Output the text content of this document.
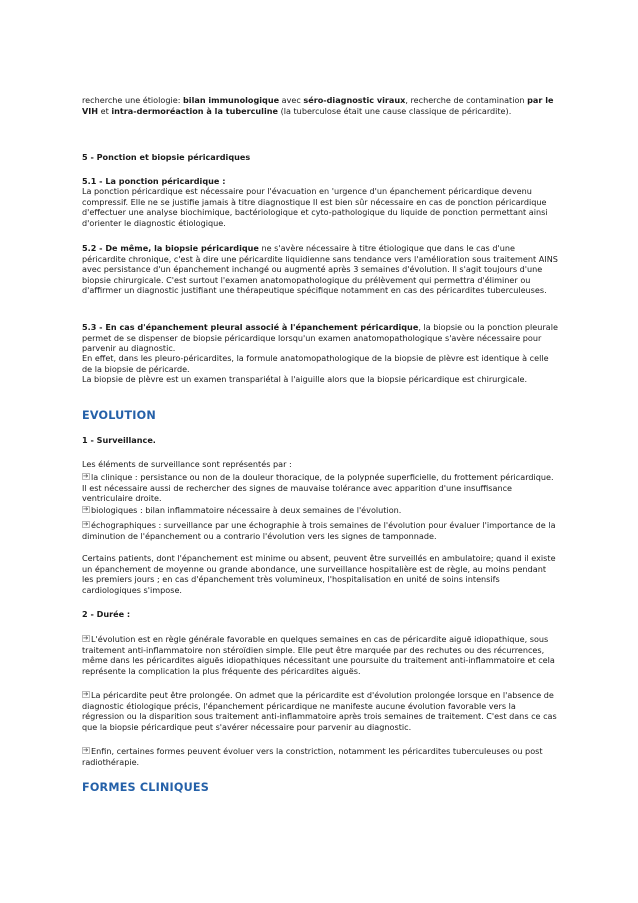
recherche une étiologie: bilan immunologique avec séro-diagnostic viraux, recherche de contamination par le VIH et intra-dermoréaction à la tuberculine (la tuberculose était une cause classique de péricardite).
5 - Ponction et biopsie péricardiques
5.1 - La ponction péricardique :
La ponction péricardique est nécessaire pour l'évacuation en 'urgence d'un épanchement péricardique devenu compressif. Elle ne se justifie jamais à titre diagnostique Il est bien sûr nécessaire en cas de ponction péricardique d'effectuer une analyse biochimique, bactériologique et cyto-pathologique du liquide de ponction permettant ainsi d'orienter le diagnostic étiologique.
5.2 - De même, la biopsie péricardique ne s'avère nécessaire à titre étiologique que dans le cas d'une péricardite chronique, c'est à dire une péricardite liquidienne sans tendance vers l'amélioration sous traitement AINS avec persistance d'un épanchement inchangé ou augmenté après 3 semaines d'évolution. Il s'agit toujours d'une biopsie chirurgicale. C'est surtout l'examen anatomopathologique du prélèvement qui permettra d'éliminer ou d'affirmer un diagnostic justifiant une thérapeutique spécifique notamment en cas des péricardites tuberculeuses.
5.3 - En cas d'épanchement pleural associé à l'épanchement péricardique, la biopsie ou la ponction pleurale permet de se dispenser de biopsie péricardique lorsqu'un examen anatomopathologique s'avère nécessaire pour parvenir au diagnostic.
En effet, dans les pleuro-péricardites, la formule anatomopathologique de la biopsie de plèvre est identique à celle de la biopsie de péricarde.
La biopsie de plèvre est un examen transpariétal à l'aiguille alors que la biopsie péricardique est chirurgicale.
EVOLUTION
1 - Surveillance.
Les éléments de surveillance sont représentés par :
➔la clinique : persistance ou non de la douleur thoracique, de la polypnée superficielle, du frottement péricardique. Il est nécessaire aussi de rechercher des signes de mauvaise tolérance avec apparition d'une insuffisance ventriculaire droite.
➔biologiques : bilan inflammatoire nécessaire à deux semaines de l'évolution.
➔échographiques : surveillance par une échographie à trois semaines de l'évolution pour évaluer l'importance de la diminution de l'épanchement ou a contrario l'évolution vers les signes de tamponnade.
Certains patients, dont l'épanchement est minime ou absent, peuvent être surveillés en ambulatoire; quand il existe un épanchement de moyenne ou grande abondance, une surveillance hospitalière est de règle, au moins pendant les premiers jours ; en cas d'épanchement très volumineux, l'hospitalisation en unité de soins intensifs cardiologiques s'impose.
2 - Durée :
➔L'évolution est en règle générale favorable en quelques semaines en cas de péricardite aiguë idiopathique, sous traitement anti-inflammatoire non stéroïdien simple. Elle peut être marquée par des rechutes ou des récurrences, même dans les péricardites aiguës idiopathiques nécessitant une poursuite du traitement anti-inflammatoire et cela représente la complication la plus fréquente des péricardites aiguës.
➔La péricardite peut être prolongée. On admet que la péricardite est d'évolution prolongée lorsque en l'absence de diagnostic étiologique précis, l'épanchement péricardique ne manifeste aucune évolution favorable vers la régression ou la disparition sous traitement anti-inflammatoire après trois semaines de traitement. C'est dans ce cas que la biopsie péricardique peut s'avérer nécessaire pour parvenir au diagnostic.
➔Enfin, certaines formes peuvent évoluer vers la constriction, notamment les péricardites tuberculeuses ou post radiothérapie.
FORMES CLINIQUES
